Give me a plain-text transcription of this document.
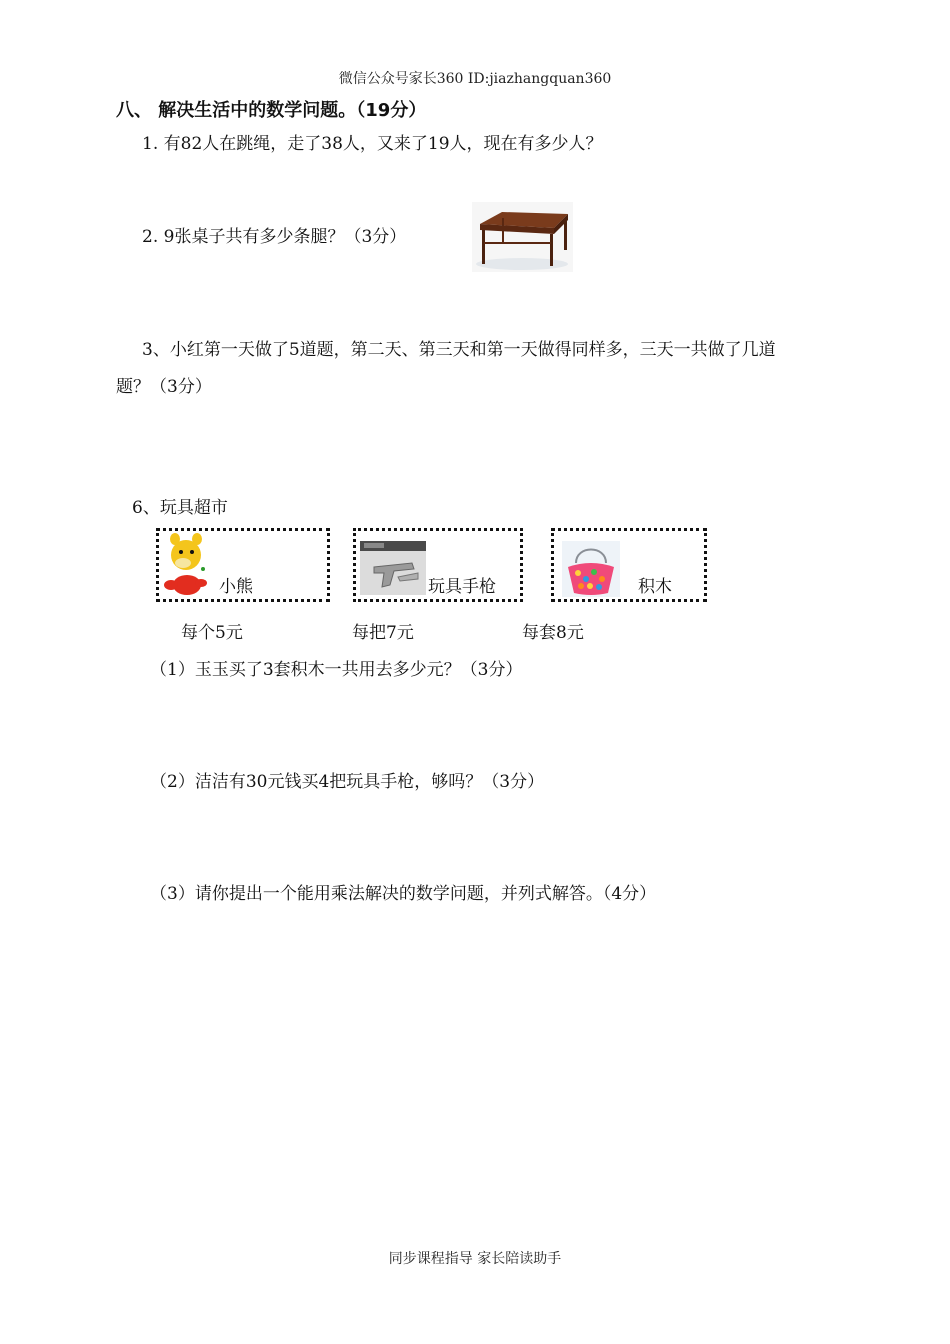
微信公众号家长360 ID:jiazhangquan360
八、 解决生活中的数学问题。（19分）
1. 有82人在跳绳，走了38人，又来了19人，现在有多少人？
2. 9张桌子共有多少条腿？（3分）
3、小红第一天做了5道题，第二天、第三天和第一天做得同样多，三天一共做了几道
题？（3分）
6、玩具超市
小熊	玩具手枪	积木
每个5元	每把7元	每套8元
（1）玉玉买了3套积木一共用去多少元？（3分）
（2）洁洁有30元钱买4把玩具手枪，够吗？（3分）
（3）请你提出一个能用乘法解决的数学问题，并列式解答。（4分）
同步课程指导 家长陪读助手
